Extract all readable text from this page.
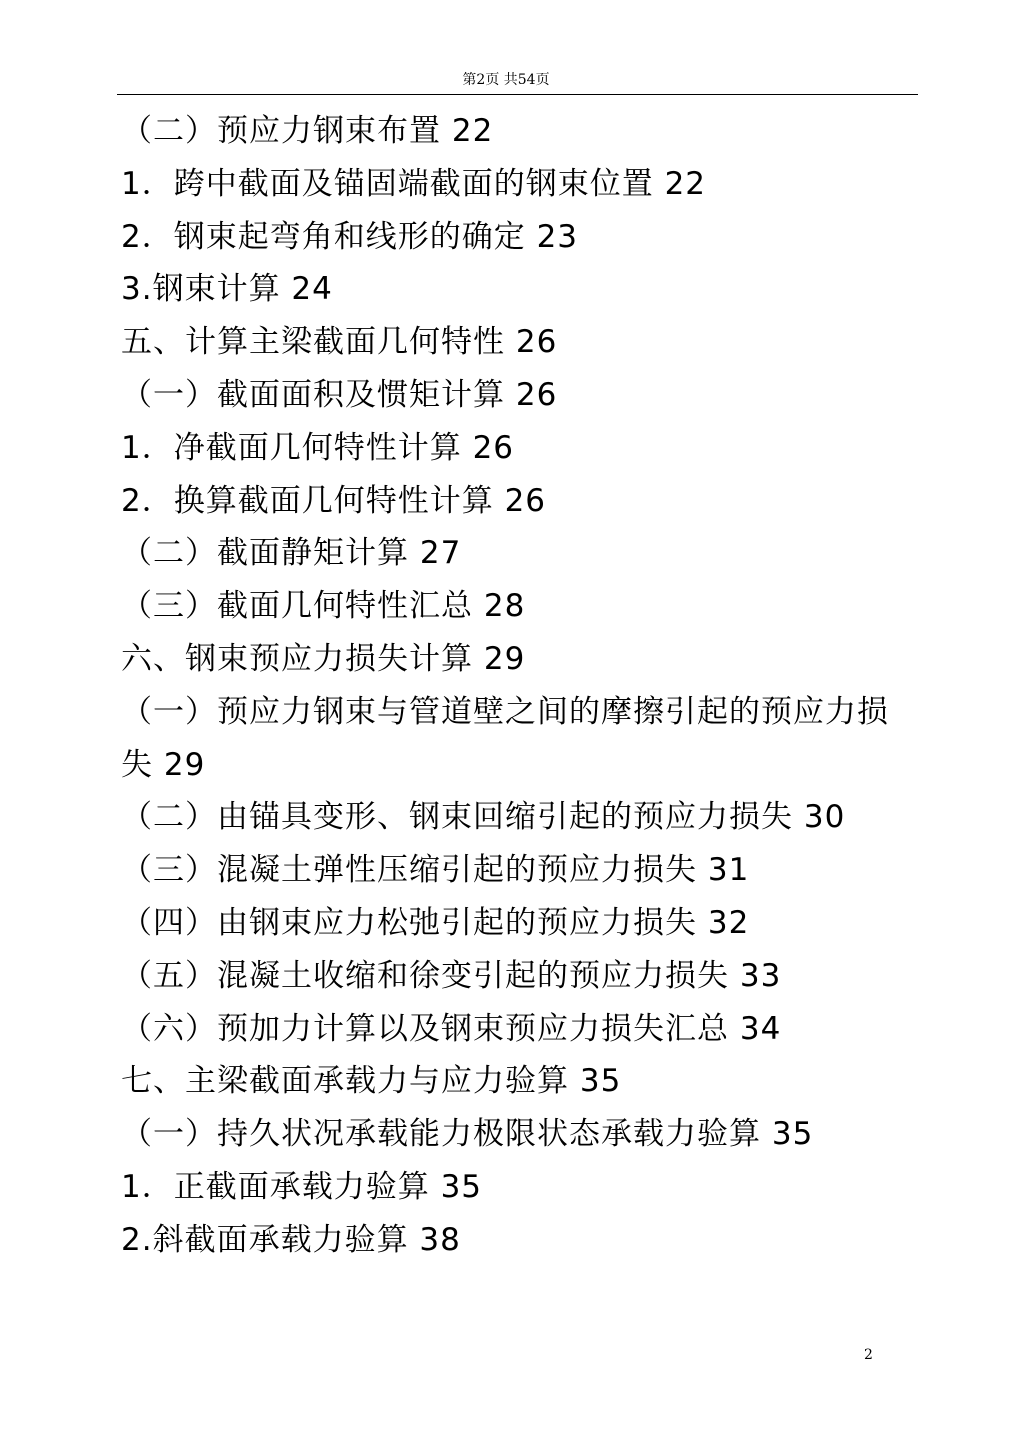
第2页 共54页
（二）预应力钢束布置 22
1．跨中截面及锚固端截面的钢束位置 22
2．钢束起弯角和线形的确定 23
3.钢束计算 24
五、计算主梁截面几何特性 26
（一）截面面积及惯矩计算 26
1．净截面几何特性计算 26
2．换算截面几何特性计算 26
（二）截面静矩计算 27
（三）截面几何特性汇总 28
六、钢束预应力损失计算 29
（一）预应力钢束与管道壁之间的摩擦引起的预应力损失 29
（二）由锚具变形、钢束回缩引起的预应力损失 30
（三）混凝土弹性压缩引起的预应力损失 31
（四）由钢束应力松弛引起的预应力损失 32
（五）混凝土收缩和徐变引起的预应力损失 33
（六）预加力计算以及钢束预应力损失汇总 34
七、主梁截面承载力与应力验算 35
（一）持久状况承载能力极限状态承载力验算 35
1．正截面承载力验算 35
2.斜截面承载力验算 38
2
